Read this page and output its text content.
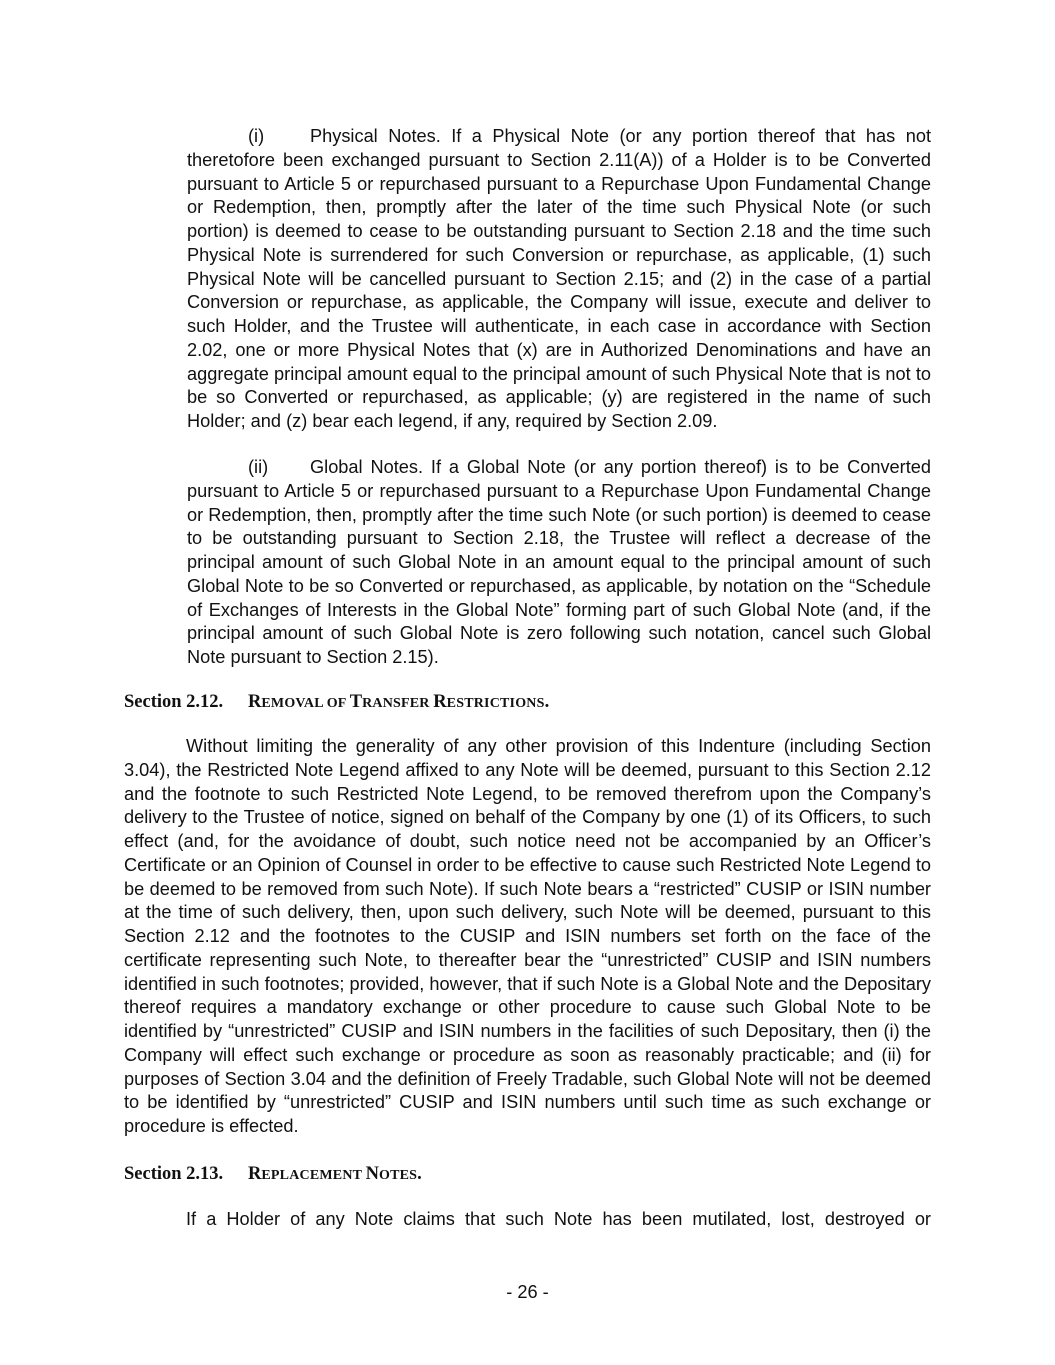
(i)	Physical Notes. If a Physical Note (or any portion thereof that has not theretofore been exchanged pursuant to Section 2.11(A)) of a Holder is to be Converted pursuant to Article 5 or repurchased pursuant to a Repurchase Upon Fundamental Change or Redemption, then, promptly after the later of the time such Physical Note (or such portion) is deemed to cease to be outstanding pursuant to Section 2.18 and the time such Physical Note is surrendered for such Conversion or repurchase, as applicable, (1) such Physical Note will be cancelled pursuant to Section 2.15; and (2) in the case of a partial Conversion or repurchase, as applicable, the Company will issue, execute and deliver to such Holder, and the Trustee will authenticate, in each case in accordance with Section 2.02, one or more Physical Notes that (x) are in Authorized Denominations and have an aggregate principal amount equal to the principal amount of such Physical Note that is not to be so Converted or repurchased, as applicable; (y) are registered in the name of such Holder; and (z) bear each legend, if any, required by Section 2.09.

(ii) Global Notes. If a Global Note (or any portion thereof) is to be Converted pursuant to Article 5 or repurchased pursuant to a Repurchase Upon Fundamental Change or Redemption, then, promptly after the time such Note (or such portion) is deemed to cease to be outstanding pursuant to Section 2.18, the Trustee will reflect a decrease of the principal amount of such Global Note in an amount equal to the principal amount of such Global Note to be so Converted or repurchased, as applicable, by notation on the “Schedule of Exchanges of Interests in the Global Note” forming part of such Global Note (and, if the principal amount of such Global Note is zero following such notation, cancel such Global Note pursuant to Section 2.15).

Section 2.12. REMOVAL OF TRANSFER RESTRICTIONS.

Without limiting the generality of any other provision of this Indenture (including Section 3.04), the Restricted Note Legend affixed to any Note will be deemed, pursuant to this Section 2.12 and the footnote to such Restricted Note Legend, to be removed therefrom upon the Company’s delivery to the Trustee of notice, signed on behalf of the Company by one (1) of its Officers, to such effect (and, for the avoidance of doubt, such notice need not be accompanied by an Officer’s Certificate or an Opinion of Counsel in order to be effective to cause such Restricted Note Legend to be deemed to be removed from such Note). If such Note bears a “restricted” CUSIP or ISIN number at the time of such delivery, then, upon such delivery, such Note will be deemed, pursuant to this Section 2.12 and the footnotes to the CUSIP and ISIN numbers set forth on the face of the certificate representing such Note, to thereafter bear the “unrestricted” CUSIP and ISIN numbers identified in such footnotes; provided, however, that if such Note is a Global Note and the Depositary thereof requires a mandatory exchange or other procedure to cause such Global Note to be identified by “unrestricted” CUSIP and ISIN numbers in the facilities of such Depositary, then (i) the Company will effect such exchange or procedure as soon as reasonably practicable; and (ii) for purposes of Section 3.04 and the definition of Freely Tradable, such Global Note will not be deemed to be identified by “unrestricted” CUSIP and ISIN numbers until such time as such exchange or procedure is effected.

Section 2.13. REPLACEMENT NOTES.

If a Holder of any Note claims that such Note has been mutilated, lost, destroyed or

- 26 -
